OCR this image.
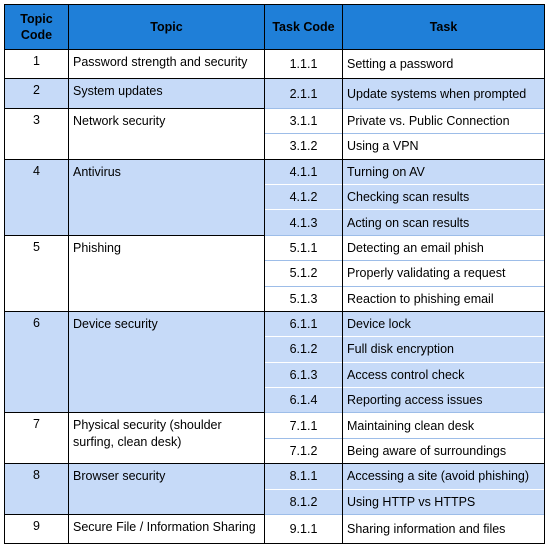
Topic
Code	Topic	Task Code	Task
1	Password strength and security	1.1.1	Setting a password
2	System updates	2.1.1	Update systems when prompted
3	Network security	3.1.1	Private vs. Public Connection
		3.1.2	Using a VPN
4	Antivirus	4.1.1	Turning on AV
		4.1.2	Checking scan results
		4.1.3	Acting on scan results
5	Phishing	5.1.1	Detecting an email phish
		5.1.2	Properly validating a request
		5.1.3	Reaction to phishing email
6	Device security	6.1.1	Device lock
		6.1.2	Full disk encryption
		6.1.3	Access control check
		6.1.4	Reporting access issues
7	Physical security (shoulder surfing, clean desk)	7.1.1	Maintaining clean desk
		7.1.2	Being aware of surroundings
8	Browser security	8.1.1	Accessing a site (avoid phishing)
		8.1.2	Using HTTP vs HTTPS
9	Secure File / Information Sharing	9.1.1	Sharing information and files
